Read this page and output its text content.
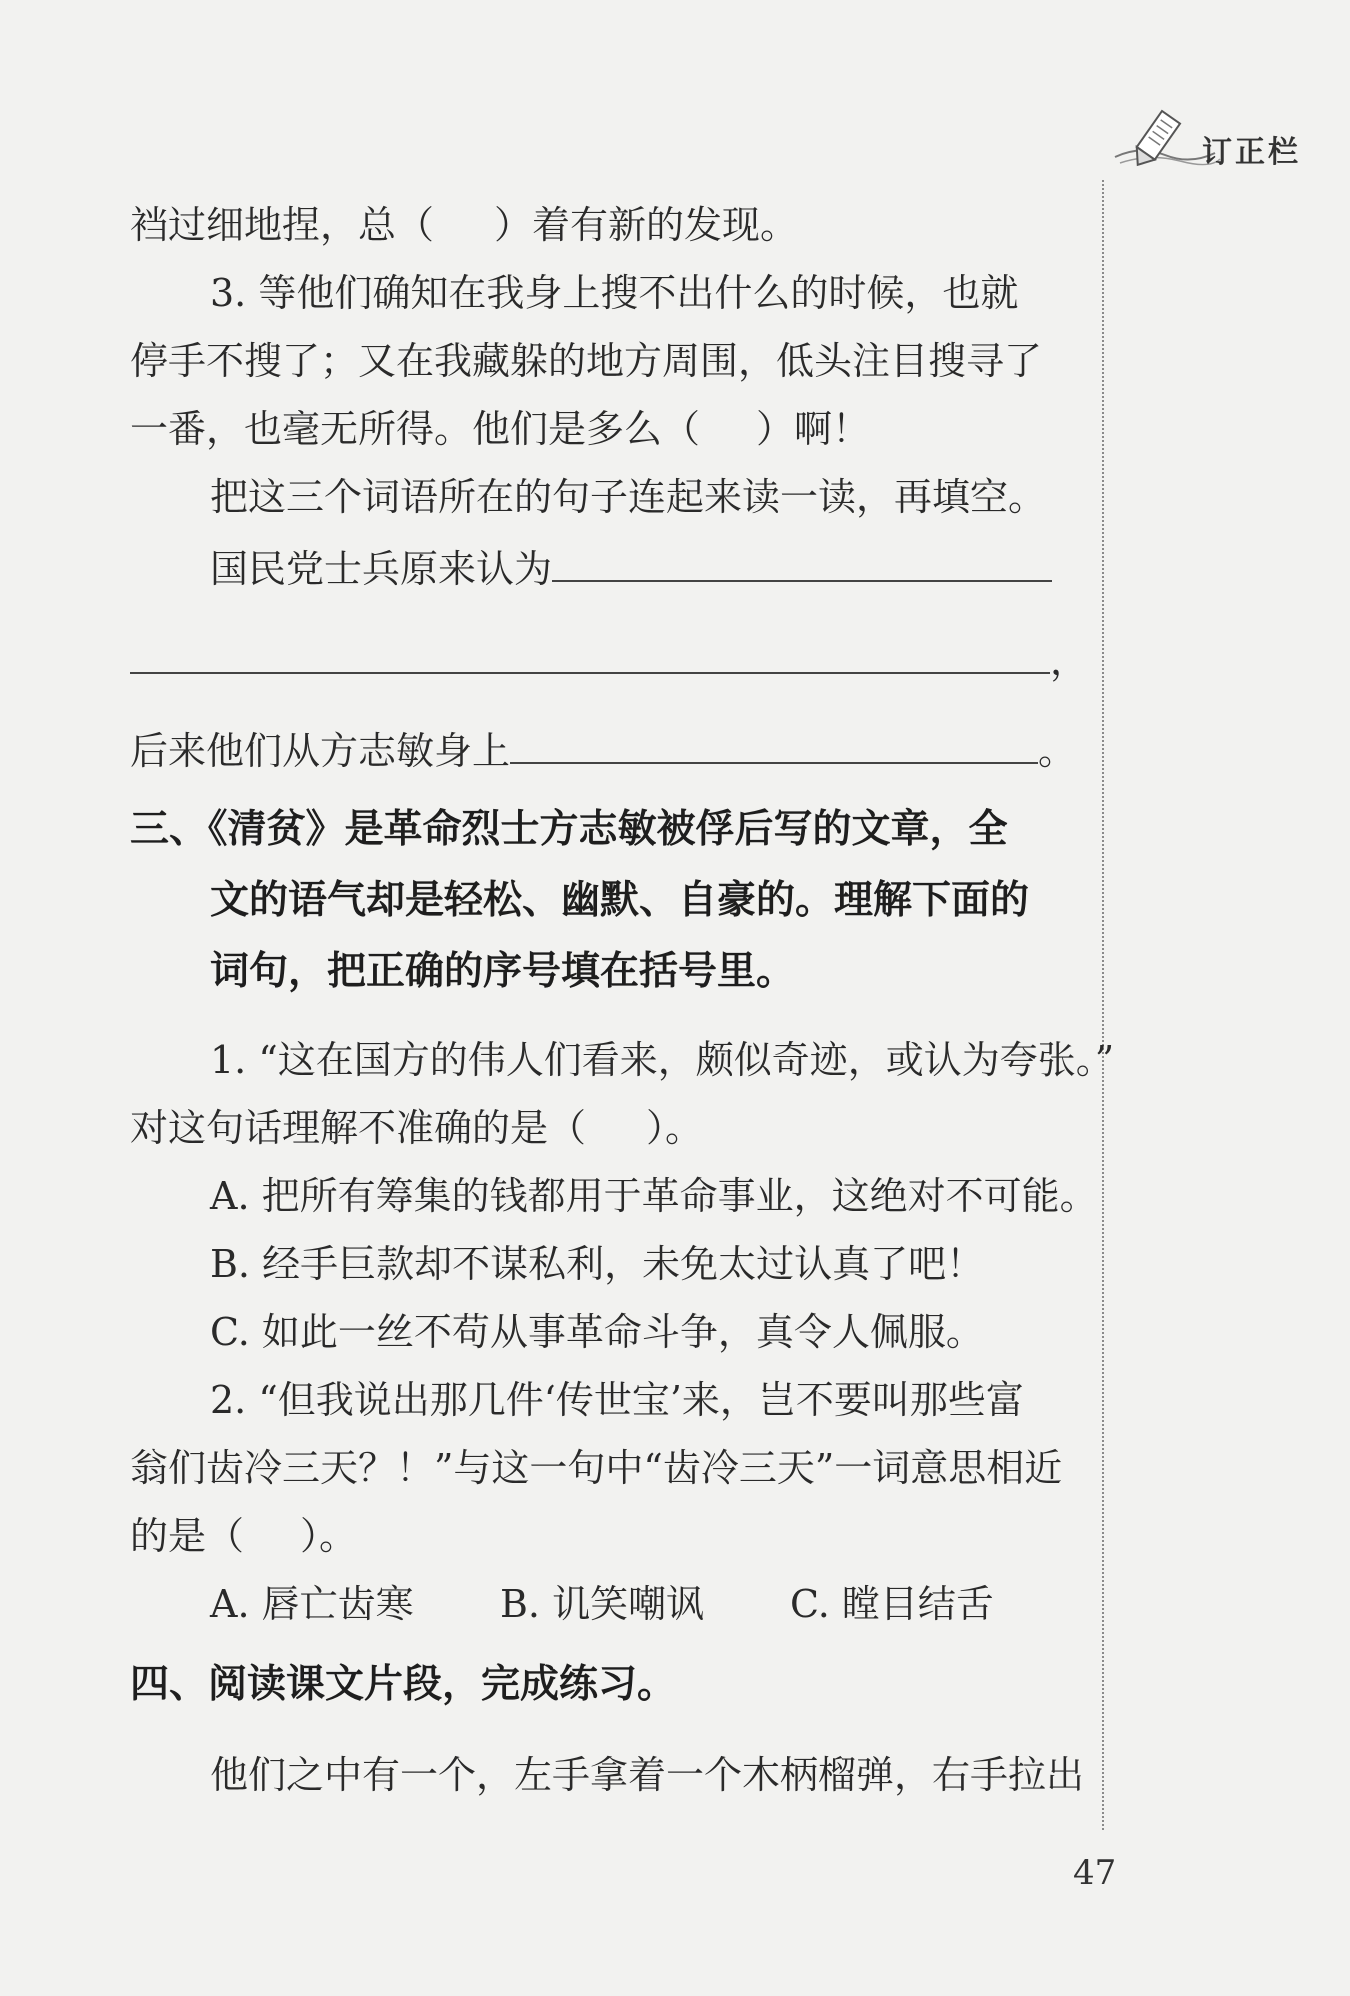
订正栏
裆过细地捏，总（ ）着有新的发现。
3. 等他们确知在我身上搜不出什么的时候，也就
停手不搜了；又在我藏躲的地方周围，低头注目搜寻了
一番，也毫无所得。他们是多么（ ）啊！
把这三个词语所在的句子连起来读一读，再填空。
国民党士兵原来认为
，
后来他们从方志敏身上	。
三、《清贫》是革命烈士方志敏被俘后写的文章，全
文的语气却是轻松、幽默、自豪的。理解下面的
词句，把正确的序号填在括号里。
1. “这在国方的伟人们看来，颇似奇迹，或认为夸张。”
对这句话理解不准确的是（ ）。
A. 把所有筹集的钱都用于革命事业，这绝对不可能。
B. 经手巨款却不谋私利，未免太过认真了吧！
C. 如此一丝不苟从事革命斗争，真令人佩服。
2. “但我说出那几件‘传世宝’来，岂不要叫那些富
翁们齿冷三天？！”与这一句中“齿冷三天”一词意思相近
的是（ ）。
A. 唇亡齿寒 B. 讥笑嘲讽 C. 瞠目结舌
四、阅读课文片段，完成练习。
他们之中有一个，左手拿着一个木柄榴弹，右手拉出
47
